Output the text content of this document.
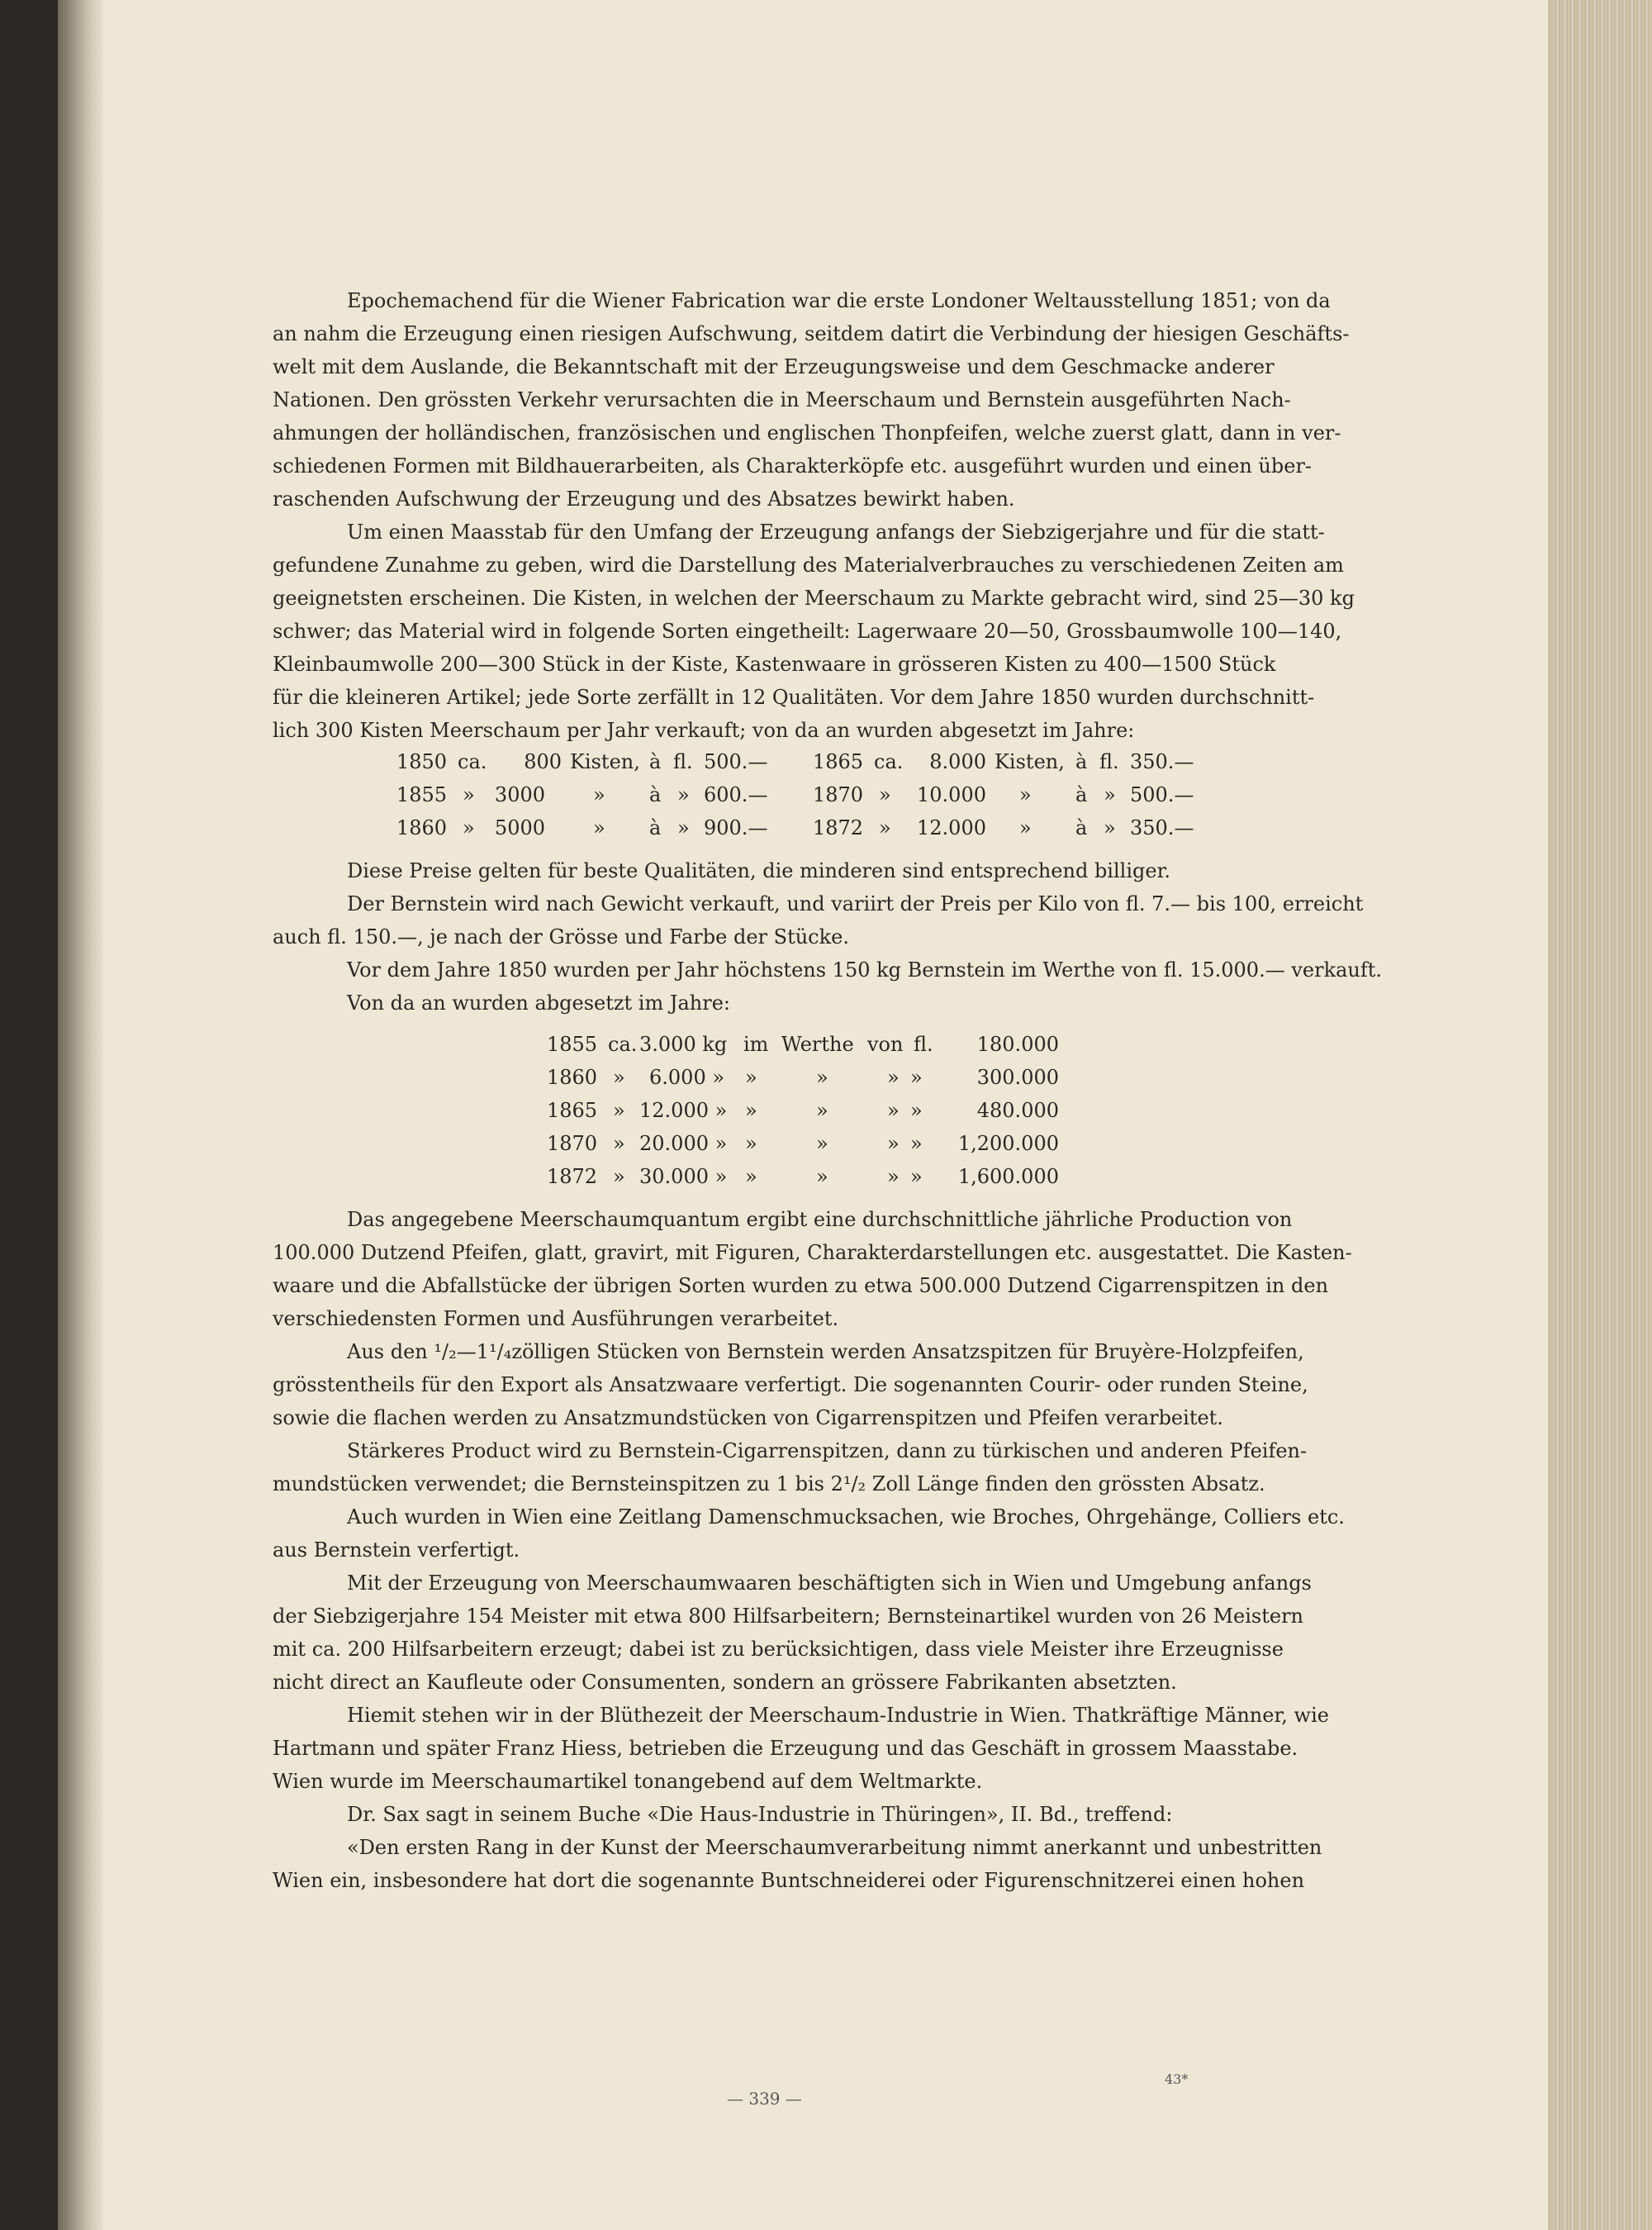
Epochemachend für die Wiener Fabrication war die erste Londoner Weltausstellung 1851; von da
an nahm die Erzeugung einen riesigen Aufschwung, seitdem datirt die Verbindung der hiesigen Geschäfts-
welt mit dem Auslande, die Bekanntschaft mit der Erzeugungsweise und dem Geschmacke anderer
Nationen. Den grössten Verkehr verursachten die in Meerschaum und Bernstein ausgeführten Nach-
ahmungen der holländischen, französischen und englischen Thonpfeifen, welche zuerst glatt, dann in ver-
schiedenen Formen mit Bildhauerarbeiten, als Charakterköpfe etc. ausgeführt wurden und einen über-
raschenden Aufschwung der Erzeugung und des Absatzes bewirkt haben.
Um einen Maasstab für den Umfang der Erzeugung anfangs der Siebzigerjahre und für die statt-
gefundene Zunahme zu geben, wird die Darstellung des Materialverbrauches zu verschiedenen Zeiten am
geeignetsten erscheinen. Die Kisten, in welchen der Meerschaum zu Markte gebracht wird, sind 25—30 kg
schwer; das Material wird in folgende Sorten eingetheilt: Lagerwaare 20—50, Grossbaumwolle 100—140,
Kleinbaumwolle 200—300 Stück in der Kiste, Kastenwaare in grösseren Kisten zu 400—1500 Stück
für die kleineren Artikel; jede Sorte zerfällt in 12 Qualitäten. Vor dem Jahre 1850 wurden durchschnitt-
lich 300 Kisten Meerschaum per Jahr verkauft; von da an wurden abgesetzt im Jahre:
1850 ca.	800 Kisten, à fl. 500.—
1855 »	3000 » à » 600.—
1860 »	5000 » à » 900.—
1865 ca.	8.000 Kisten, à fl. 350.—
1870 »	10.000 » à » 500.—
1872 »	12.000 » à » 350.—
Diese Preise gelten für beste Qualitäten, die minderen sind entsprechend billiger.
Der Bernstein wird nach Gewicht verkauft, und variirt der Preis per Kilo von fl. 7.— bis 100, erreicht
auch fl. 150.—, je nach der Grösse und Farbe der Stücke.
Vor dem Jahre 1850 wurden per Jahr höchstens 150 kg Bernstein im Werthe von fl. 15.000.— verkauft.
Von da an wurden abgesetzt im Jahre:
1855 ca. 3.000 kg im Werthe von fl.	180.000
1860 » 6.000 » »	»	» »	300.000
1865 » 12.000 » »	»	» »	480.000
1870 » 20.000 » »	»	» »	1,200.000
1872 » 30.000 » »	»	» »	1,600.000
Das angegebene Meerschaumquantum ergibt eine durchschnittliche jährliche Production von
100.000 Dutzend Pfeifen, glatt, gravirt, mit Figuren, Charakterdarstellungen etc. ausgestattet. Die Kasten-
waare und die Abfallstücke der übrigen Sorten wurden zu etwa 500.000 Dutzend Cigarrenspitzen in den
verschiedensten Formen und Ausführungen verarbeitet.
Aus den ¹/₂—1¹/₄zölligen Stücken von Bernstein werden Ansatzspitzen für Bruyère-Holzpfeifen,
grösstentheils für den Export als Ansatzwaare verfertigt. Die sogenannten Courir- oder runden Steine,
sowie die flachen werden zu Ansatzmundstücken von Cigarrenspitzen und Pfeifen verarbeitet.
Stärkeres Product wird zu Bernstein-Cigarrenspitzen, dann zu türkischen und anderen Pfeifen-
mundstücken verwendet; die Bernsteinspitzen zu 1 bis 2¹/₂ Zoll Länge finden den grössten Absatz.
Auch wurden in Wien eine Zeitlang Damenschmucksachen, wie Broches, Ohrgehänge, Colliers etc.
aus Bernstein verfertigt.
Mit der Erzeugung von Meerschaumwaaren beschäftigten sich in Wien und Umgebung anfangs
der Siebzigerjahre 154 Meister mit etwa 800 Hilfsarbeitern; Bernsteinartikel wurden von 26 Meistern
mit ca. 200 Hilfsarbeitern erzeugt; dabei ist zu berücksichtigen, dass viele Meister ihre Erzeugnisse
nicht direct an Kaufleute oder Consumenten, sondern an grössere Fabrikanten absetzten.
Hiemit stehen wir in der Blüthezeit der Meerschaum-Industrie in Wien. Thatkräftige Männer, wie
Hartmann und später Franz Hiess, betrieben die Erzeugung und das Geschäft in grossem Maasstabe.
Wien wurde im Meerschaumartikel tonangebend auf dem Weltmarkte.
Dr. Sax sagt in seinem Buche «Die Haus-Industrie in Thüringen», II. Bd., treffend:
«Den ersten Rang in der Kunst der Meerschaumverarbeitung nimmt anerkannt und unbestritten
Wien ein, insbesondere hat dort die sogenannte Buntschneiderei oder Figurenschnitzerei einen hohen
— 339 —
43*
